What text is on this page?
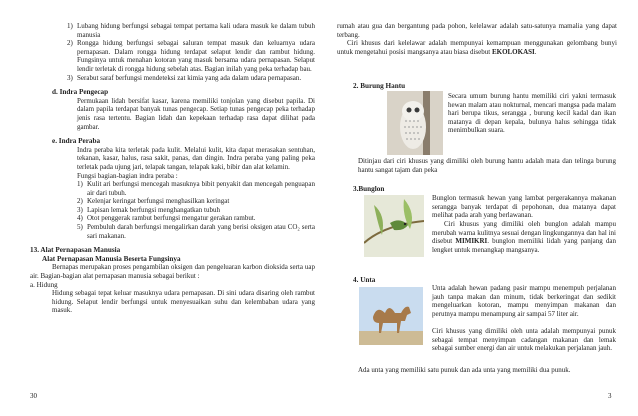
1) Lubang hidung berfungsi sebagai tempat pertama kali udara masuk ke dalam tubuh manusia
2) Rongga hidung berfungsi sebagai saluran tempat masuk dan keluarnya udara pernapasan. Dalam rongga hidung terdapat selaput lendir dan rambut hidung. Fungsinya untuk menahan kotoran yang masuk bersama udara pernapasan. Selaput lendir terletak di rongga hidung sebelah atas. Bagian inilah yang peka terhadap bau.
3) Serabut saraf berfungsi mendeteksi zat kimia yang ada dalam udara pernapasan.
d. Indra Pengecap

Permukaan lidah bersifat kasar, karena memiliki tonjolan yang disebut papila. Di dalam papila terdapat banyak tunas pengecap. Setiap tunas pengecap peka terhadap jenis rasa tertentu. Bagian lidah dan kepekaan terhadap rasa dapat dilihat pada gambar.

e. Indra Peraba

Indra peraba kita terletak pada kulit. Melalui kulit, kita dapat merasakan sentuhan, tekanan, kasar, halus, rasa sakit, panas, dan dingin. Indra peraba yang paling peka terletak pada ujung jari, telapak tangan, telapak kaki, bibir dan alat kelamin.

Fungsi bagian-bagian indra peraba :

1) Kulit ari berfungsi mencegah masuknya bibit penyakit dan mencegah penguapan air dari tubuh.
2) Kelenjar keringat berfungsi menghasilkan keringat
3) Lapisan lemak berfungsi menghangatkan tubuh
4) Otot penggerak rambut berfungsi mengatur gerakan rambut.
5) Pembuluh darah berfungsi mengalirkan darah yang berisi oksigen atau CO₂ serta sari makanan.
13. Alat Pernapasan Manusia
Alat Pernapasan Manusia Beserta Fungsinya

Bernapas merupakan proses pengambilan oksigen dan pengeluaran karbon dioksida serta uap air. Bagian-bagian alat pernapasan manusia sebagai berikut :

a. Hidung

Hidung sebagai tepat keluar masuknya udara pernapasan. Di sini udara disaring oleh rambut hidung. Selaput lendir berfungsi untuk menyesuaikan suhu dan kelembaban udara yang masuk.

30

rumah atau gua dan bergantung pada pohon, kelelawar adalah satu-satunya mamalia yang dapat terbang.

Ciri khusus dari kelelawar adalah mempunyai kemampuan menggunakan gelombang bunyi untuk mengetahui posisi mangsanya atau biasa disebut EKOLOKASI.

2. Burung Hantu

Secara umum burung hantu memiliki ciri yakni termasuk hewan malam atau nokturnal, mencari mangsa pada malam hari berupa tikus, serangga , burung kecil kadal dan ikan matanya di depan kepala, bulunya halus sehingga tidak menimbulkan suara.

Ditinjau dari ciri khusus yang dimiliki oleh burung hantu adalah mata dan telinga burung hantu sangat tajam dan peka

3.Bunglon

Bunglon termasuk hewan yang lambat pergerakannya makanan serangga banyak terdapat di pepohonan, dua matanya dapat melihat pada arah yang berlawanan.

Ciri khusus yang dimiliki oleh bunglon adalah mampu merubah warna kulitnya sesuai dengan lingkungannya dan hal ini disebut MIMIKRI. bunglon memiliki lidah yang panjang dan lengket untuk menangkap mangsanya.

4. Unta

Unta adalah hewan padang pasir mampu menempuh perjalanan jauh tanpa makan dan minum, tidak berkeringat dan sedikit mengeluarkan kotoran, mampu menyimpan makanan dan perutnya mampu menampung air sampai 57 liter air.

Ciri khusus yang dimiliki oleh unta adalah mempunyai punuk sebagai tempat menyimpan cadangan makanan dan lemak sebagai sumber energi dan air untuk melakukan perjalanan jauh.

Ada unta yang memiliki satu punuk dan ada unta yang memiliki dua punuk.

3
